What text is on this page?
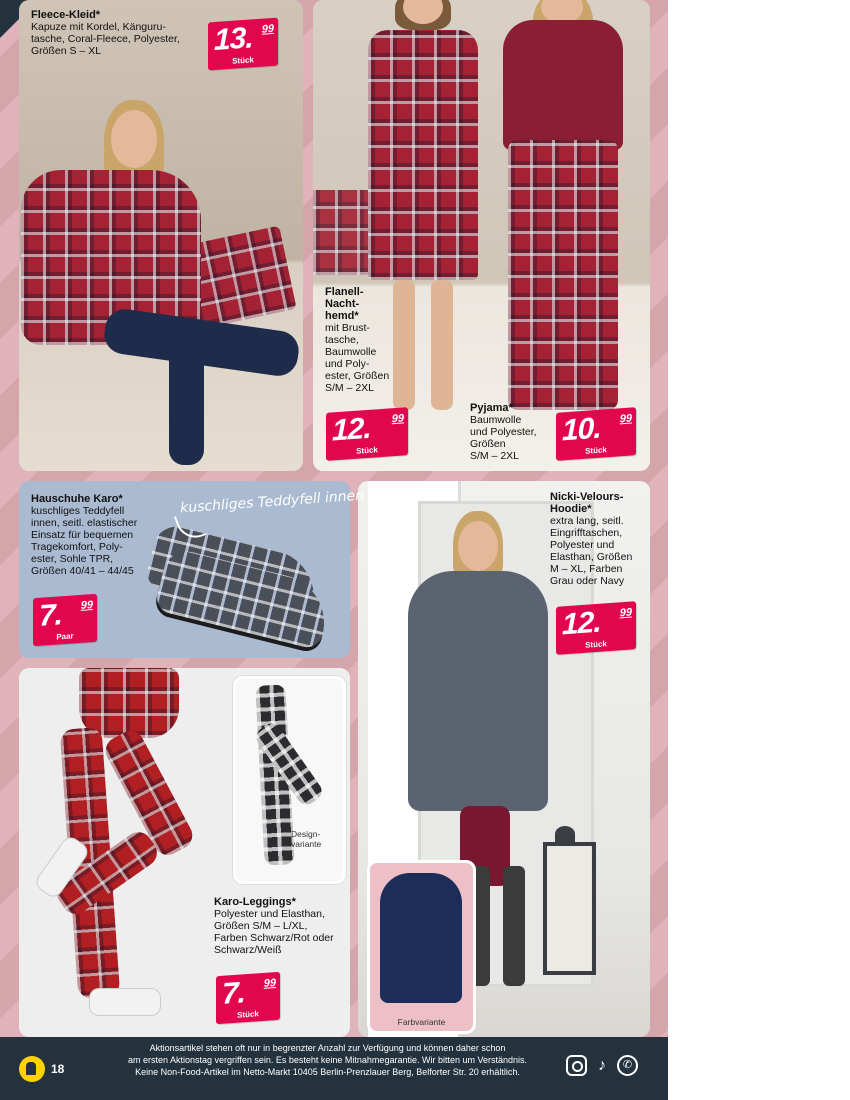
Fleece-Kleid*
Kapuze mit Kordel, Känguru-
tasche, Coral-Fleece, Polyester,
Größen S – XL	13. 99
Stück
Flanell-
Nacht-
hemd*
mit Brust-
tasche,
Baumwolle
und Poly-
ester, Größen
S/M – 2XL
12. 99
Stück
Pyjama*
Baumwolle
und Polyester,
Größen
S/M – 2XL
10. 99
Stück
kuschliges Teddyfell innen
Hauschuhe Karo*
kuschliges Teddyfell
innen, seitl. elastischer
Einsatz für bequemen
Tragekomfort, Poly-
ester, Sohle TPR,
Größen 40/41 – 44/45
7. 99
Paar
Farbvariante
Nicki-Velours-
Hoodie*
extra lang, seitl.
Eingrifftaschen,
Polyester und
Elasthan, Größen
M – XL, Farben
Grau oder Navy
12. 99
Stück
Design-
variante
Karo-Leggings*
Polyester und Elasthan,
Größen S/M – L/XL,
Farben Schwarz/Rot oder
Schwarz/Weiß
7. 99
Stück
18
Aktionsartikel stehen oft nur in begrenzter Anzahl zur Verfügung und können daher schon
am ersten Aktionstag vergriffen sein. Es besteht keine Mitnahmegarantie. Wir bitten um Verständnis.
Keine Non-Food-Artikel im Netto-Markt 10405 Berlin-Prenzlauer Berg, Belforter Str. 20 erhältlich.	♪	✆
